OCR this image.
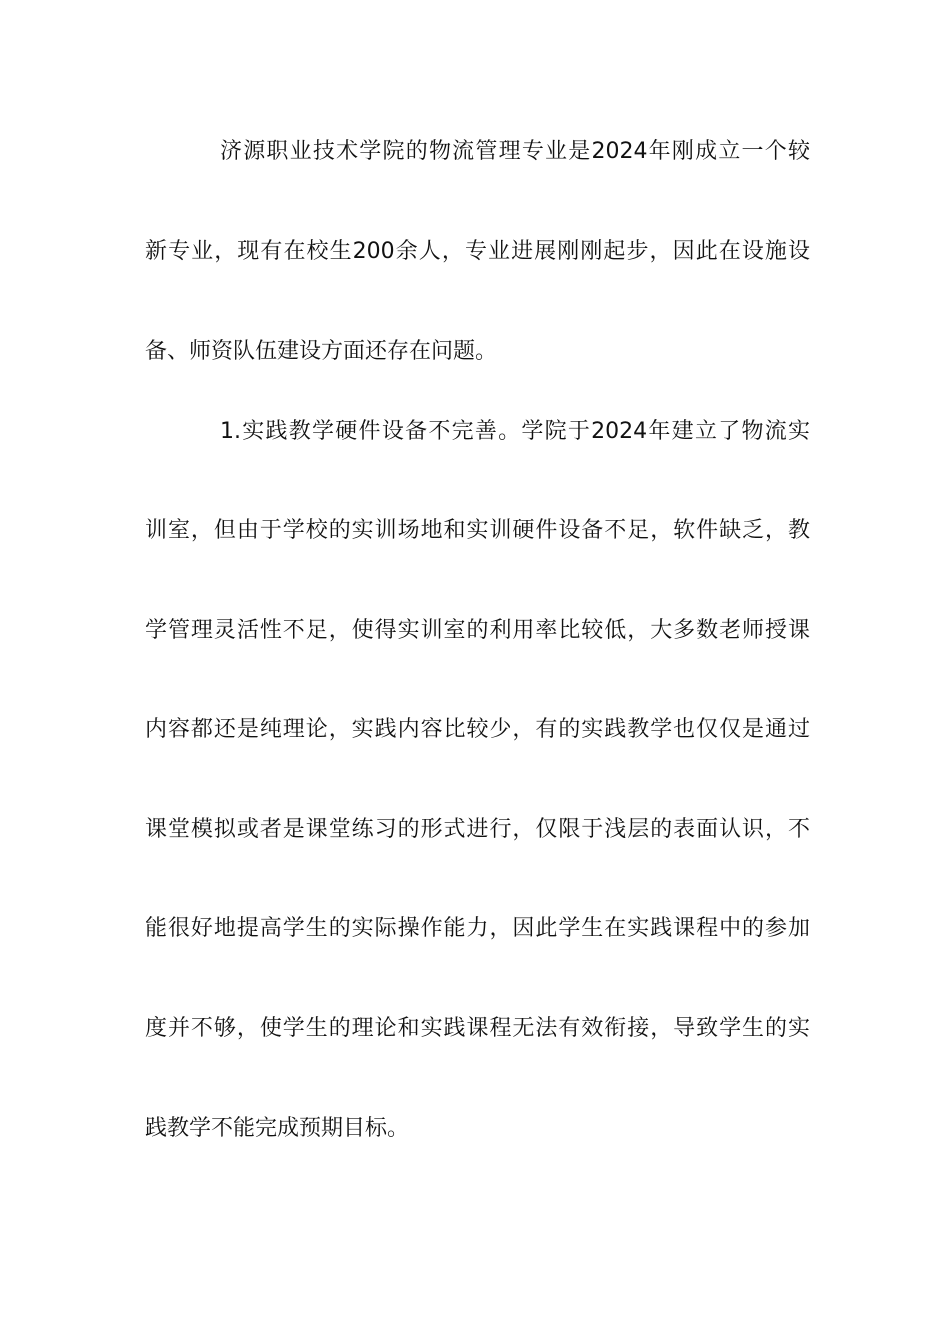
济源职业技术学院的物流管理专业是2024年刚成立一个较
新专业，现有在校生200余人，专业进展刚刚起步，因此在设施设
备、师资队伍建设方面还存在问题。
1.实践教学硬件设备不完善。学院于2024年建立了物流实
训室，但由于学校的实训场地和实训硬件设备不足，软件缺乏，教
学管理灵活性不足，使得实训室的利用率比较低，大多数老师授课
内容都还是纯理论，实践内容比较少，有的实践教学也仅仅是通过
课堂模拟或者是课堂练习的形式进行，仅限于浅层的表面认识，不
能很好地提高学生的实际操作能力，因此学生在实践课程中的参加
度并不够，使学生的理论和实践课程无法有效衔接，导致学生的实
践教学不能完成预期目标。
